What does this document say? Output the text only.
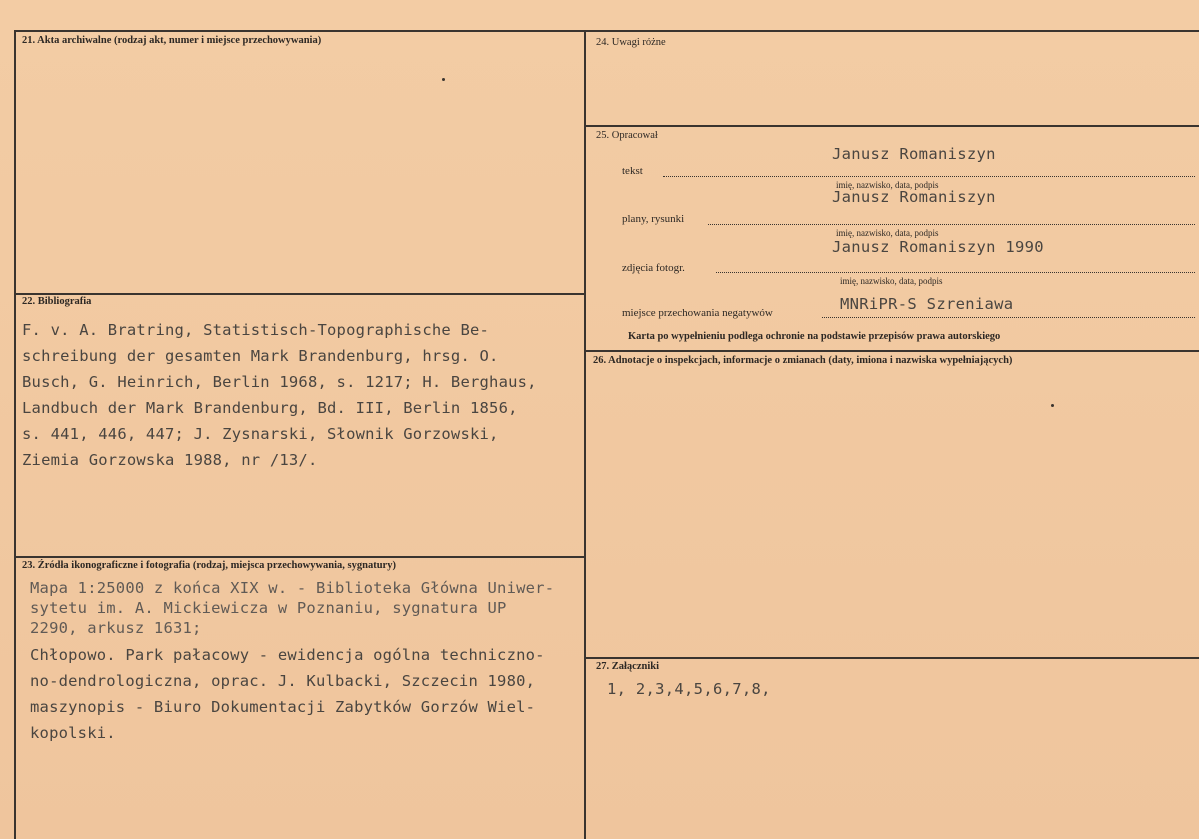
21. Akta archiwalne (rodzaj akt, numer i miejsce przechowywania)
22. Bibliografia
F. v. A. Bratring, Statistisch-Topographische Be-
schreibung der gesamten Mark Brandenburg, hrsg. O.
Busch, G. Heinrich, Berlin 1968, s. 1217; H. Berghaus,
Landbuch der Mark Brandenburg, Bd. III, Berlin 1856,
s. 441, 446, 447; J. Zysnarski, Słownik Gorzowski,
Ziemia Gorzowska 1988, nr /13/.
23. Źródła ikonograficzne i fotografia (rodzaj, miejsca przechowywania, sygnatury)
Mapa 1:25000 z końca XIX w. - Biblioteka Główna Uniwer-
sytetu im. A. Mickiewicza w Poznaniu, sygnatura UP
2290, arkusz 1631;
Chłopowo. Park pałacowy - ewidencja ogólna techniczno-
no-dendrologiczna, oprac. J. Kulbacki, Szczecin 1980,
maszynopis - Biuro Dokumentacji Zabytków Gorzów Wiel-
kopolski.
24. Uwagi różne
25. Opracował
tekst
Janusz Romaniszyn
imię, nazwisko, data, podpis
plany, rysunki
Janusz Romaniszyn
imię, nazwisko, data, podpis
zdjęcia fotogr.
Janusz Romaniszyn 1990
imię, nazwisko, data, podpis
miejsce przechowania negatywów	MNRiPR-S Szreniawa
Karta po wypełnieniu podlega ochronie na podstawie przepisów prawa autorskiego
26. Adnotacje o inspekcjach, informacje o zmianach (daty, imiona i nazwiska wypełniających)
27. Załączniki
1, 2,3,4,5,6,7,8,
